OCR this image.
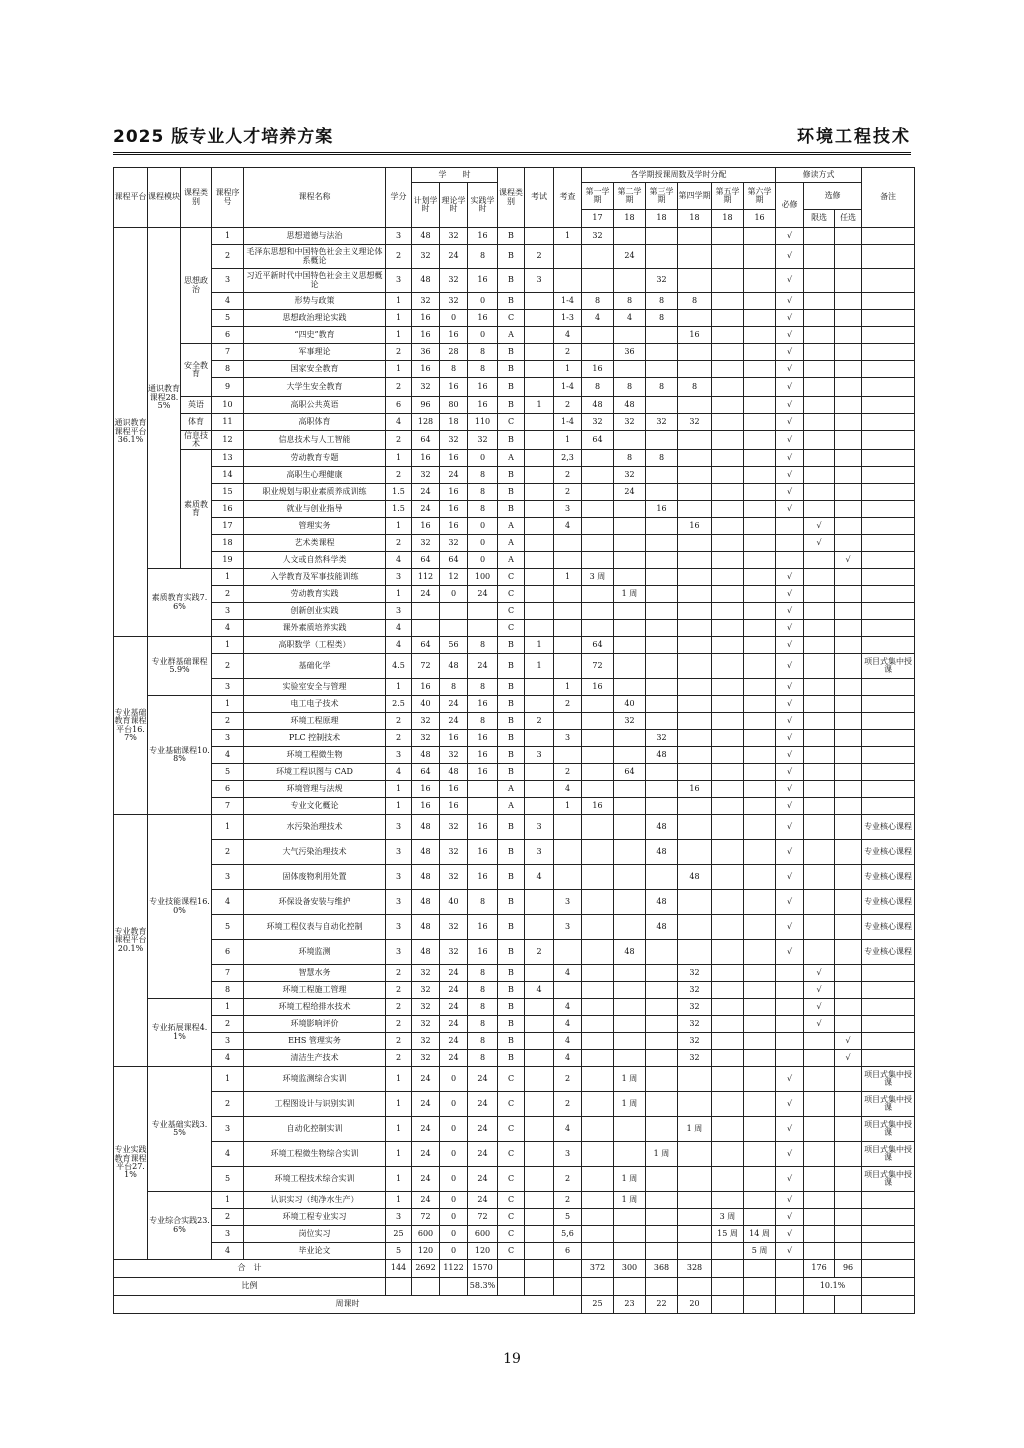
2025 版专业人才培养方案	环境工程技术
课程平台	课程模块	课程类别	课程序号	课程名称	学分	学　　时			课程类别	考试	考查	各学期授课周数及学时分配						修读方式			备注
						计划学时	理论学时	实践学时				第一学期	第二学期	第三学期	第四学期	第五学期	第六学期	必修	选修		
												17	18	18	18	18	16		限选	任选	
通识教育课程平台36.1%	通识教育课程28.5%	思想政治	1	思想道德与法治	3	48	32	16	B		1	32						√			
			2	毛泽东思想和中国特色社会主义理论体系概论	2	32	24	8	B	2			24					√			
			3	习近平新时代中国特色社会主义思想概论	3	48	32	16	B	3				32				√			
			4	形势与政策	1	32	32	0	B		1-4	8	8	8	8			√			
			5	思想政治理论实践	1	16	0	16	C		1-3	4	4	8				√			
			6	“四史”教育	1	16	16	0	A		4				16			√			
		安全教育	7	军事理论	2	36	28	8	B		2		36					√			
			8	国家安全教育	1	16	8	8	B		1	16						√			
			9	大学生安全教育	2	32	16	16	B		1-4	8	8	8	8			√			
		英语	10	高职公共英语	6	96	80	16	B	1	2	48	48					√			
		体育	11	高职体育	4	128	18	110	C		1-4	32	32	32	32			√			
		信息技术	12	信息技术与人工智能	2	64	32	32	B		1	64						√			
		素质教育	13	劳动教育专题	1	16	16	0	A		2,3		8	8				√			
			14	高职生心理健康	2	32	24	8	B		2		32					√			
			15	职业规划与职业素质养成训练	1.5	24	16	8	B		2		24					√			
			16	就业与创业指导	1.5	24	16	8	B		3			16				√			
			17	管理实务	1	16	16	0	A		4				16				√		
			18	艺术类课程	2	32	32	0	A										√		
			19	人文或自然科学类	4	64	64	0	A											√	
	素质教育实践7.6%		1	入学教育及军事技能训练	3	112	12	100	C		1	3 周						√			
			2	劳动教育实践	1	24	0	24	C				1 周					√			
			3	创新创业实践	3				C									√			
			4	课外素质培养实践	4				C									√			
专业基础教育课程平台16.7%	专业群基础课程5.9%		1	高职数学（工程类）	4	64	56	8	B	1		64						√			
			2	基础化学	4.5	72	48	24	B	1		72						√			项目式集中授课
			3	实验室安全与管理	1	16	8	8	B		1	16						√			
	专业基础课程10.8%		1	电工电子技术	2.5	40	24	16	B		2		40					√			
			2	环境工程原理	2	32	24	8	B	2			32					√			
			3	PLC 控制技术	2	32	16	16	B		3			32				√			
			4	环境工程微生物	3	48	32	16	B	3				48				√			
			5	环境工程识图与 CAD	4	64	48	16	B		2		64					√			
			6	环境管理与法规	1	16	16		A		4				16			√			
			7	专业文化概论	1	16	16		A		1	16						√			
专业教育课程平台20.1%	专业技能课程16.0%		1	水污染治理技术	3	48	32	16	B	3				48				√			专业核心课程
			2	大气污染治理技术	3	48	32	16	B	3				48				√			专业核心课程
			3	固体废物利用处置	3	48	32	16	B	4					48			√			专业核心课程
			4	环保设备安装与维护	3	48	40	8	B		3			48				√			专业核心课程
			5	环境工程仪表与自动化控制	3	48	32	16	B		3			48				√			专业核心课程
			6	环境监测	3	48	32	16	B	2			48					√			专业核心课程
			7	智慧水务	2	32	24	8	B		4				32				√		
			8	环境工程施工管理	2	32	24	8	B	4					32				√		
	专业拓展课程4.1%		1	环境工程给排水技术	2	32	24	8	B		4				32				√		
			2	环境影响评价	2	32	24	8	B		4				32				√		
			3	EHS 管理实务	2	32	24	8	B		4				32					√	
			4	清洁生产技术	2	32	24	8	B		4				32					√	
专业实践教育课程平台27.1%	专业基础实践3.5%		1	环境监测综合实训	1	24	0	24	C		2		1 周					√			项目式集中授课
			2	工程图设计与识别实训	1	24	0	24	C		2		1 周					√			项目式集中授课
			3	自动化控制实训	1	24	0	24	C		4				1 周			√			项目式集中授课
			4	环境工程微生物综合实训	1	24	0	24	C		3			1 周				√			项目式集中授课
			5	环境工程技术综合实训	1	24	0	24	C		2		1 周					√			项目式集中授课
	专业综合实践23.6%		1	认识实习（纯净水生产）	1	24	0	24	C		2		1 周					√			
			2	环境工程专业实习	3	72	0	72	C		5					3 周		√			
			3	岗位实习	25	600	0	600	C		5,6					15 周	14 周	√			
			4	毕业论文	5	120	0	120	C		6						5 周	√			
合　计					144	2692	1122	1570				372	300	368	328				176	96	
比例								58.3%											10.1%		
周课时												25	23	22	20						
19
